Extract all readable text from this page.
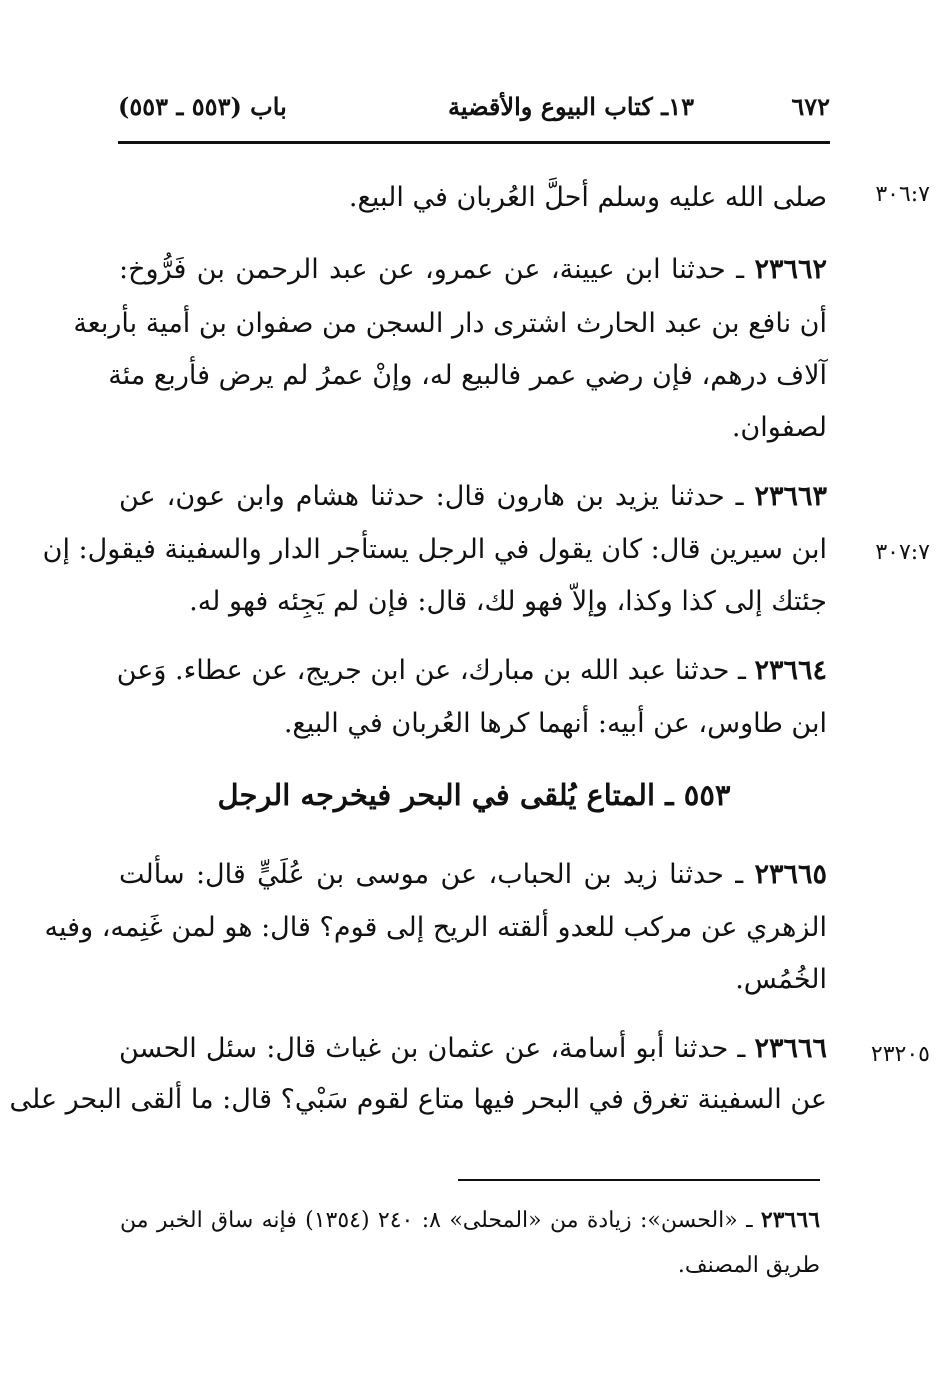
٦٧٢
١٣ـ كتاب البيوع والأقضية
باب (٥٥٣ ـ ٥٥٣)
٣٠٦:٧
٣٠٧:٧
٢٣٢٠٥
صلى الله عليه وسلم أحلَّ العُربان في البيع.
٢٣٦٦٢ ـ حدثنا ابن عيينة، عن عمرو، عن عبد الرحمن بن فَرُّوخ:
أن نافع بن عبد الحارث اشترى دار السجن من صفوان بن أمية بأربعة
آلاف درهم، فإن رضي عمر فالبيع له، وإنْ عمرُ لم يرض فأربع مئة
لصفوان.
٢٣٦٦٣ ـ حدثنا يزيد بن هارون قال: حدثنا هشام وابن عون، عن
ابن سيرين قال: كان يقول في الرجل يستأجر الدار والسفينة فيقول: إن
جئتك إلى كذا وكذا، وإلاّ فهو لك، قال: فإن لم يَجِئه فهو له.
٢٣٦٦٤ ـ حدثنا عبد الله بن مبارك، عن ابن جريج، عن عطاء. وَعن
ابن طاوس، عن أبيه: أنهما كرها العُربان في البيع.
٥٥٣ ـ المتاع يُلقى في البحر فيخرجه الرجل
٢٣٦٦٥ ـ حدثنا زيد بن الحباب، عن موسى بن عُلَيٍّ قال: سألت
الزهري عن مركب للعدو ألقته الريح إلى قوم؟ قال: هو لمن غَنِمه، وفيه
الخُمُس.
٢٣٦٦٦ ـ حدثنا أبو أسامة، عن عثمان بن غياث قال: سئل الحسن
عن السفينة تغرق في البحر فيها متاع لقوم سَبْي؟ قال: ما ألقى البحر على
٢٣٦٦٦ ـ «الحسن»: زيادة من «المحلى» ٨: ٢٤٠ (١٣٥٤) فإنه ساق الخبر من
طريق المصنف.
